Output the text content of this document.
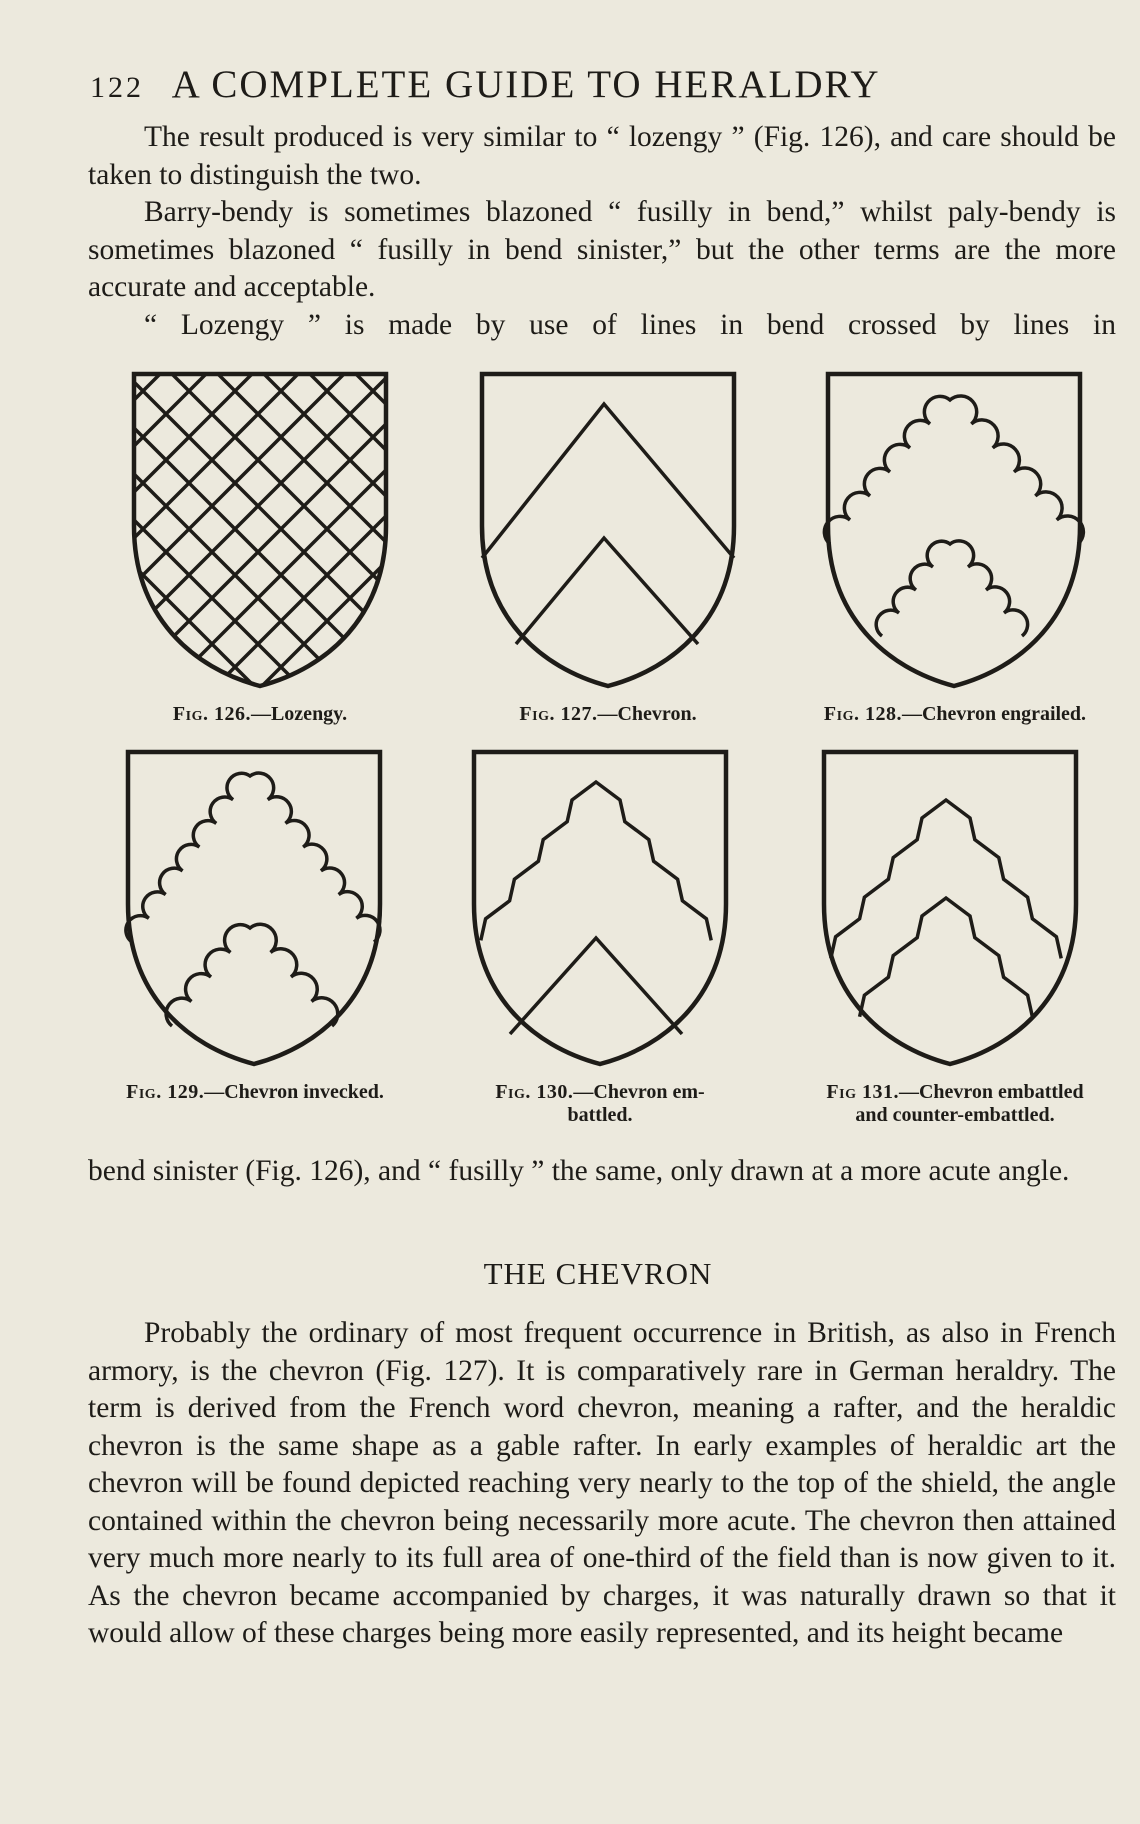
122 A COMPLETE GUIDE TO HERALDRY

The result produced is very similar to “ lozengy ” (Fig. 126), and care should be taken to distinguish the two.

Barry-bendy is sometimes blazoned “ fusilly in bend,” whilst paly-bendy is sometimes blazoned “ fusilly in bend sinister,” but the other terms are the more accurate and acceptable.

“ Lozengy ” is made by use of lines in bend crossed by lines in

Fig. 126.—Lozengy.	Fig. 127.—Chevron.	Fig. 128.—Chevron engrailed.
Fig. 129.—Chevron invecked.	Fig. 130.—Chevron em-
battled.
Fig 131.—Chevron embattled
and counter-embattled.

bend sinister (Fig. 126), and “ fusilly ” the same, only drawn at a more acute angle.

THE CHEVRON

Probably the ordinary of most frequent occurrence in British, as also in French armory, is the chevron (Fig. 127). It is comparatively rare in German heraldry. The term is derived from the French word chevron, meaning a rafter, and the heraldic chevron is the same shape as a gable rafter. In early examples of heraldic art the chevron will be found depicted reaching very nearly to the top of the shield, the angle contained within the chevron being necessarily more acute. The chevron then attained very much more nearly to its full area of one-third of the field than is now given to it. As the chevron became accompanied by charges, it was naturally drawn so that it would allow of these charges being more easily represented, and its height became
